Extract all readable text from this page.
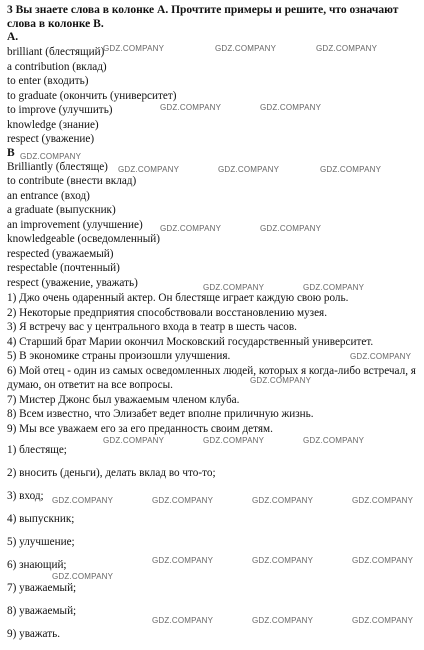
3 Вы знаете слова в колонке А. Прочтите примеры и решите, что означают слова в колонке В.

A.
brilliant (блестящий)
a contribution (вклад)
to enter (входить)
to graduate (окончить (университет)
to improve (улучшить)
knowledge (знание)
respect (уважение)
B
Brilliantly (блестяще)
to contribute (внести вклад)
an entrance (вход)
a graduate (выпускник)
an improvement (улучшение)
knowledgeable (осведомленный)
respected (уважаемый)
respectable (почтенный)
respect (уважение, уважать)
1) Джо очень одаренный актер. Он блестяще играет каждую свою роль.
2) Некоторые предприятия способствовали восстановлению музея.
3) Я встречу вас у центрального входа в театр в шесть часов.
4) Старший брат Марии окончил Московский государственный университет.
5) В экономике страны произошли улучшения.
6) Мой отец - один из самых осведомленных людей, которых я когда-либо встречал, я думаю, он ответит на все вопросы.
7) Мистер Джонс был уважаемым членом клуба.
8) Всем известно, что Элизабет ведет вполне приличную жизнь.
9) Мы все уважаем его за его преданность своим детям.
1) блестяще;
2) вносить (деньги), делать вклад во что-то;
3) вход;
4) выпускник;
5) улучшение;
6) знающий;
7) уважаемый;
8) уважаемый;
9) уважать.
GDZ.COMPANY	GDZ.COMPANY	GDZ.COMPANY
GDZ.COMPANY	GDZ.COMPANY
GDZ.COMPANY
GDZ.COMPANY	GDZ.COMPANY	GDZ.COMPANY
GDZ.COMPANY	GDZ.COMPANY
GDZ.COMPANY	GDZ.COMPANY
GDZ.COMPANY
GDZ.COMPANY
GDZ.COMPANY	GDZ.COMPANY	GDZ.COMPANY
GDZ.COMPANY	GDZ.COMPANY	GDZ.COMPANY	GDZ.COMPANY
GDZ.COMPANY	GDZ.COMPANY	GDZ.COMPANY
GDZ.COMPANY
GDZ.COMPANY	GDZ.COMPANY	GDZ.COMPANY
